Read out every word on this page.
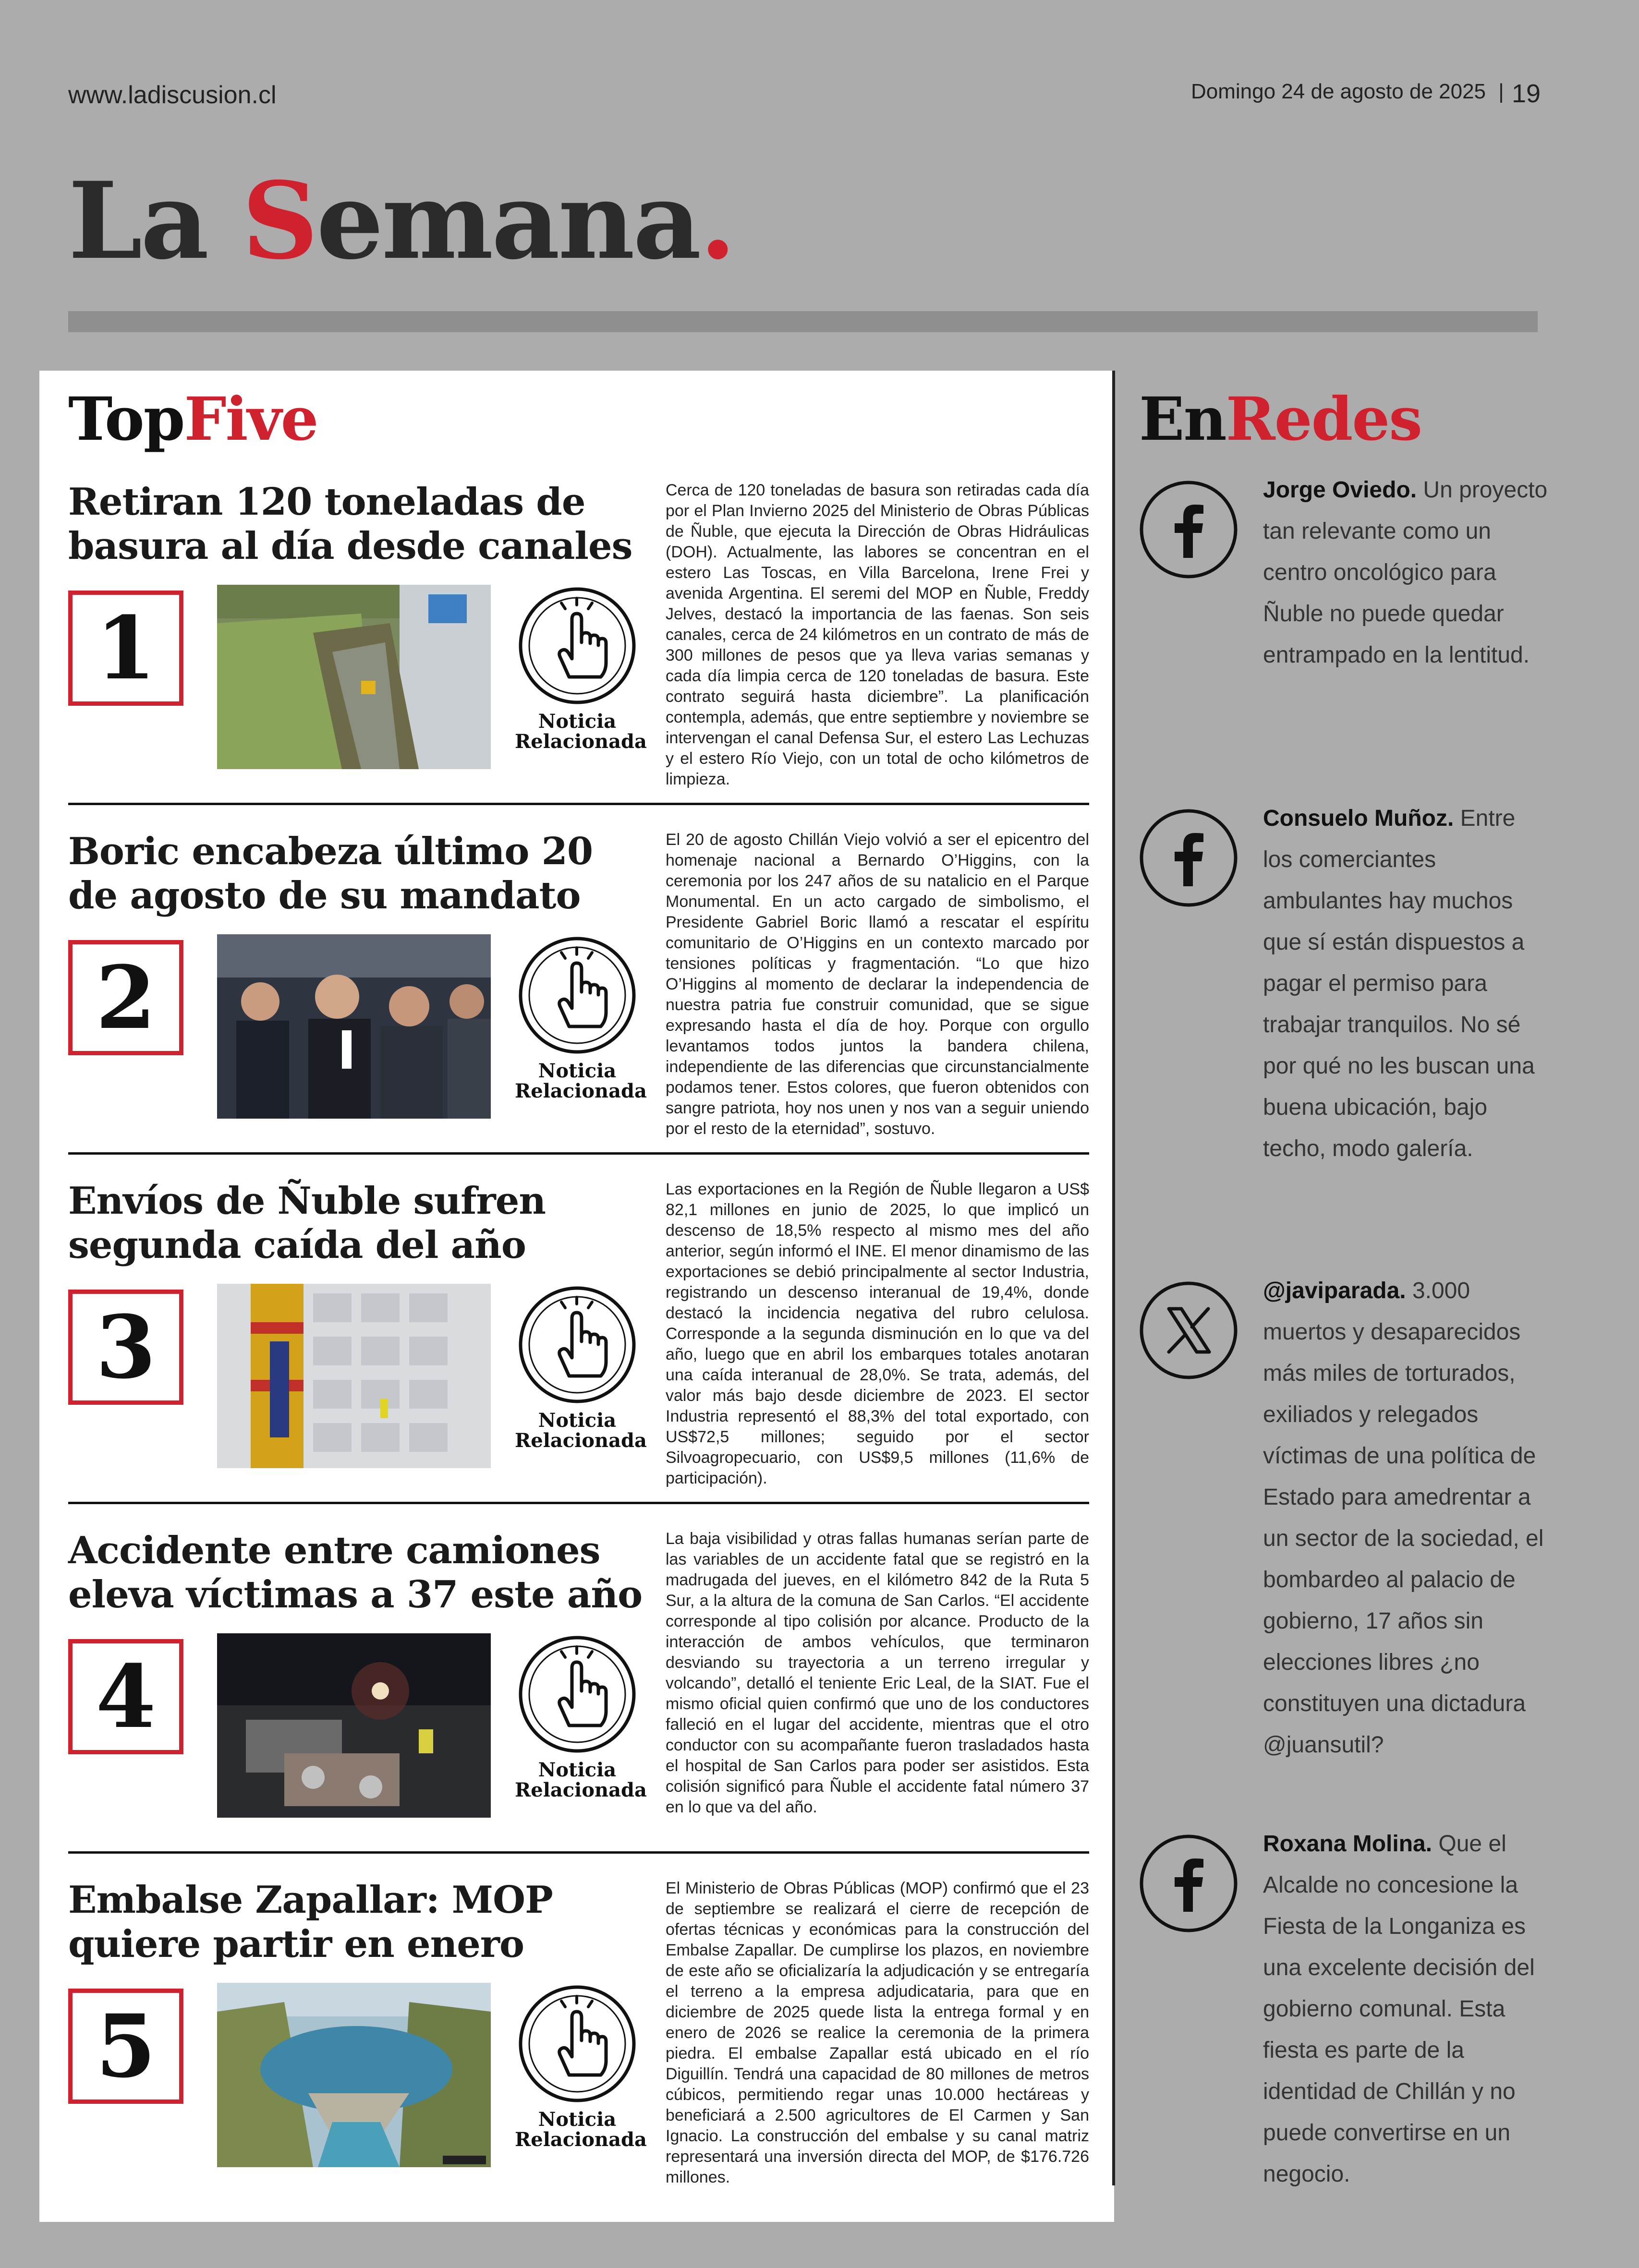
www.ladiscusion.cl	Domingo 24 de agosto de 2025 | 19
La Semana.
TopFive	EnRedes
Retiran 120 toneladas de basura al día desde canales
1
Noticia
Relacionada
Cerca de 120 toneladas de basura son retiradas cada día por el Plan Invierno 2025 del Ministerio de Obras Públicas de Ñuble, que ejecuta la Dirección de Obras Hidráulicas (DOH). Actualmente, las labores se concentran en el estero Las Toscas, en Villa Barcelona, Irene Frei y avenida Argentina. El seremi del MOP en Ñuble, Freddy Jelves, destacó la importancia de las faenas. Son seis canales, cerca de 24 kilómetros en un contrato de más de 300 millones de pesos que ya lleva varias semanas y cada día limpia cerca de 120 toneladas de basura. Este contrato seguirá hasta diciembre”. La planificación contempla, además, que entre septiembre y noviembre se intervengan el canal Defensa Sur, el estero Las Lechuzas y el estero Río Viejo, con un total de ocho kilómetros de limpieza.
Boric encabeza último 20 de agosto de su mandato
2
Noticia
Relacionada
El 20 de agosto Chillán Viejo volvió a ser el epicentro del homenaje nacional a Bernardo O’Higgins, con la ceremonia por los 247 años de su natalicio en el Parque Monumental. En un acto cargado de simbolismo, el Presidente Gabriel Boric llamó a rescatar el espíritu comunitario de O’Higgins en un contexto marcado por tensiones políticas y fragmentación. “Lo que hizo O’Higgins al momento de declarar la independencia de nuestra patria fue construir comunidad, que se sigue expresando hasta el día de hoy. Porque con orgullo levantamos todos juntos la bandera chilena, independiente de las diferencias que circunstancialmente podamos tener. Estos colores, que fueron obtenidos con sangre patriota, hoy nos unen y nos van a seguir uniendo por el resto de la eternidad”, sostuvo.
Envíos de Ñuble sufren segunda caída del año
3
Noticia
Relacionada
Las exportaciones en la Región de Ñuble llegaron a US$ 82,1 millones en junio de 2025, lo que implicó un descenso de 18,5% respecto al mismo mes del año anterior, según informó el INE. El menor dinamismo de las exportaciones se debió principalmente al sector Industria, registrando un descenso interanual de 19,4%, donde destacó la incidencia negativa del rubro celulosa. Corresponde a la segunda disminución en lo que va del año, luego que en abril los embarques totales anotaran una caída interanual de 28,0%. Se trata, además, del valor más bajo desde diciembre de 2023. El sector Industria representó el 88,3% del total exportado, con US$72,5 millones; seguido por el sector Silvoagropecuario, con US$9,5 millones (11,6% de participación).
Accidente entre camiones eleva víctimas a 37 este año
4
Noticia
Relacionada
La baja visibilidad y otras fallas humanas serían parte de las variables de un accidente fatal que se registró en la madrugada del jueves, en el kilómetro 842 de la Ruta 5 Sur, a la altura de la comuna de San Carlos. “El accidente corresponde al tipo colisión por alcance. Producto de la interacción de ambos vehículos, que terminaron desviando su trayectoria a un terreno irregular y volcando”, detalló el teniente Eric Leal, de la SIAT. Fue el mismo oficial quien confirmó que uno de los conductores falleció en el lugar del accidente, mientras que el otro conductor con su acompañante fueron trasladados hasta el hospital de San Carlos para poder ser asistidos. Esta colisión significó para Ñuble el accidente fatal número 37 en lo que va del año.
Embalse Zapallar: MOP quiere partir en enero
5
Noticia
Relacionada
El Ministerio de Obras Públicas (MOP) confirmó que el 23 de septiembre se realizará el cierre de recepción de ofertas técnicas y económicas para la construcción del Embalse Zapallar. De cumplirse los plazos, en noviembre de este año se oficializaría la adjudicación y se entregaría el terreno a la empresa adjudicataria, para que en diciembre de 2025 quede lista la entrega formal y en enero de 2026 se realice la ceremonia de la primera piedra. El embalse Zapallar está ubicado en el río Diguillín. Tendrá una capacidad de 80 millones de metros cúbicos, permitiendo regar unas 10.000 hectáreas y beneficiará a 2.500 agricultores de El Carmen y San Ignacio. La construcción del embalse y su canal matriz representará una inversión directa del MOP, de $176.726 millones.
Jorge Oviedo. Un proyecto tan relevante como un centro oncológico para Ñuble no puede quedar entrampado en la lentitud.
Consuelo Muñoz. Entre los comerciantes ambulantes hay muchos que sí están dispuestos a pagar el permiso para trabajar tranquilos. No sé por qué no les buscan una buena ubicación, bajo techo, modo galería.
@javiparada. 3.000 muertos y desaparecidos más miles de torturados, exiliados y relegados víctimas de una política de Estado para amedrentar a un sector de la sociedad, el bombardeo al palacio de gobierno, 17 años sin elecciones libres ¿no constituyen una dictadura @juansutil?
Roxana Molina. Que el Alcalde no concesione la Fiesta de la Longaniza es una excelente decisión del gobierno comunal. Esta fiesta es parte de la identidad de Chillán y no puede convertirse en un negocio.
